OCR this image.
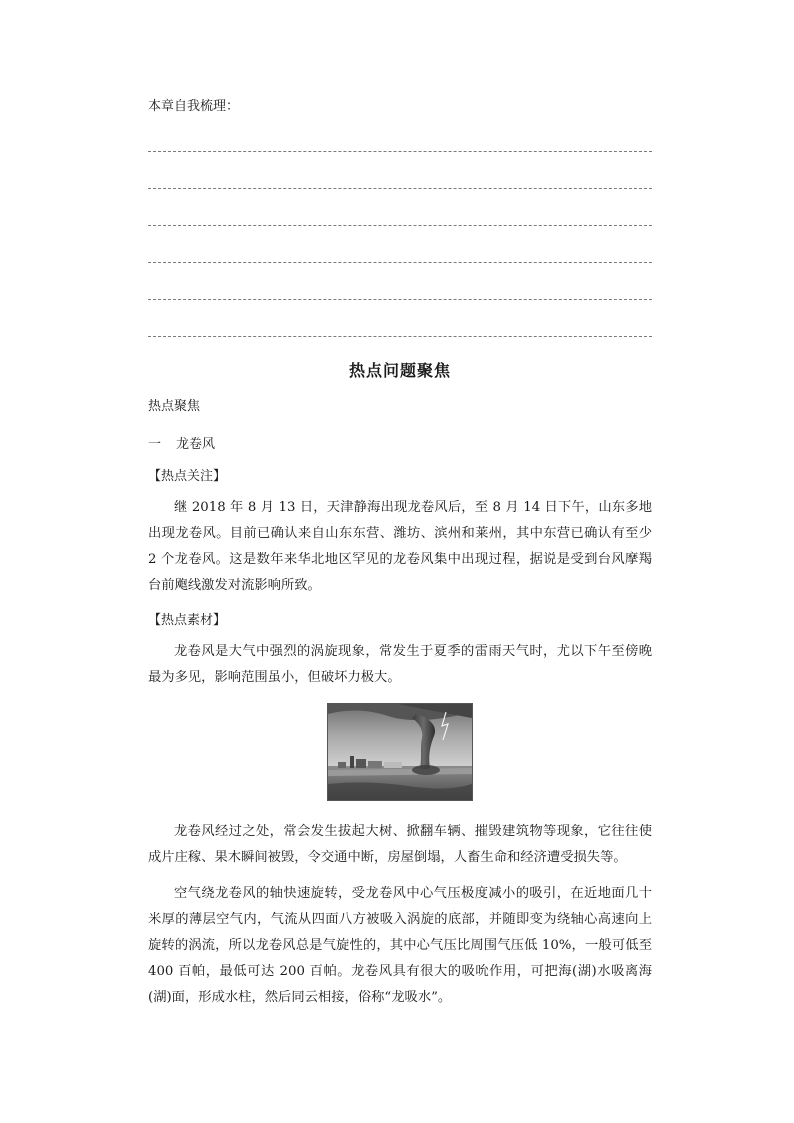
本章自我梳理：

热点问题聚焦

热点聚焦

一 龙卷风

【热点关注】

继 2018 年 8 月 13 日，天津静海出现龙卷风后，至 8 月 14 日下午，山东多地出现龙卷风。目前已确认来自山东东营、潍坊、滨州和莱州，其中东营已确认有至少 2 个龙卷风。这是数年来华北地区罕见的龙卷风集中出现过程，据说是受到台风摩羯台前飑线激发对流影响所致。

【热点素材】

龙卷风是大气中强烈的涡旋现象，常发生于夏季的雷雨天气时，尤以下午至傍晚最为多见，影响范围虽小，但破坏力极大。

龙卷风经过之处，常会发生拔起大树、掀翻车辆、摧毁建筑物等现象，它往往使成片庄稼、果木瞬间被毁，令交通中断，房屋倒塌，人畜生命和经济遭受损失等。

空气绕龙卷风的轴快速旋转，受龙卷风中心气压极度减小的吸引，在近地面几十米厚的薄层空气内，气流从四面八方被吸入涡旋的底部，并随即变为绕轴心高速向上旋转的涡流，所以龙卷风总是气旋性的，其中心气压比周围气压低 10%，一般可低至 400 百帕，最低可达 200 百帕。龙卷风具有很大的吸吮作用，可把海(湖)水吸离海(湖)面，形成水柱，然后同云相接，俗称“龙吸水”。
